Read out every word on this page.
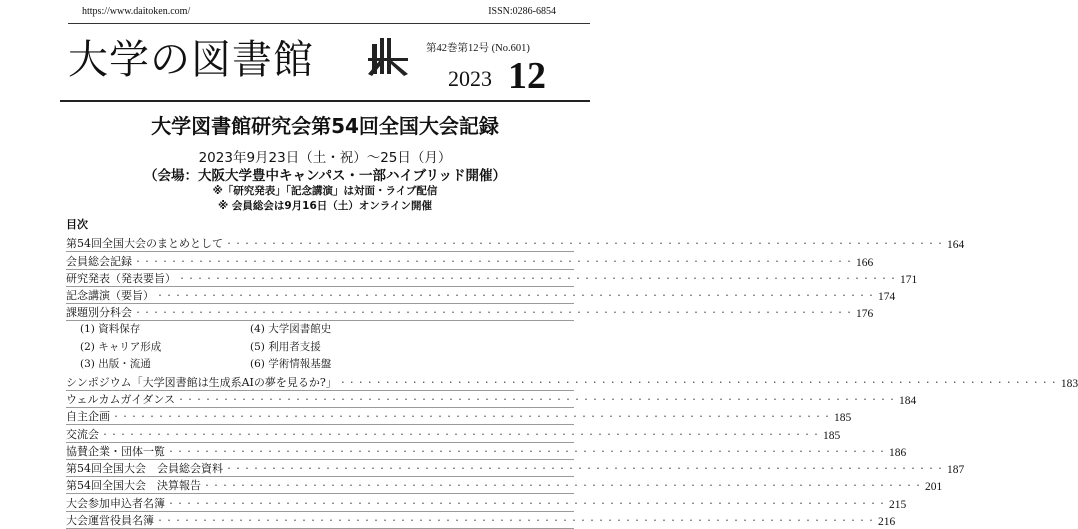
https://www.daitoken.com/	ISSN:0286-6854
大学の図書館	第42巻第12号 (No.601)
2023 12
大学図書館研究会第54回全国大会記録
2023年9月23日（土・祝）～25日（月）
（会場：大阪大学豊中キャンパス・一部ハイブリッド開催）
※「研究発表」「記念講演」は対面・ライブ配信
※ 会員総会は9月16日（土）オンライン開催
目次
第54回全国大会のまとめとして ・・・・・・・・・・・・・・・・・・・・・・・・・・・・・・・・・・・・・・・・・・・・・・・・・・・・・・・・・・・・・・・・・・・・・・・・・・・・・・・・ 164
会員総会記録 ・・・・・・・・・・・・・・・・・・・・・・・・・・・・・・・・・・・・・・・・・・・・・・・・・・・・・・・・・・・・・・・・・・・・・・・・・・・・・・・・ 166
研究発表（発表要旨） ・・・・・・・・・・・・・・・・・・・・・・・・・・・・・・・・・・・・・・・・・・・・・・・・・・・・・・・・・・・・・・・・・・・・・・・・・・・・・・・・ 171
記念講演（要旨） ・・・・・・・・・・・・・・・・・・・・・・・・・・・・・・・・・・・・・・・・・・・・・・・・・・・・・・・・・・・・・・・・・・・・・・・・・・・・・・・・ 174
課題別分科会 ・・・・・・・・・・・・・・・・・・・・・・・・・・・・・・・・・・・・・・・・・・・・・・・・・・・・・・・・・・・・・・・・・・・・・・・・・・・・・・・・ 176
(1) 資料保存	(4) 大学図書館史
(2) キャリア形成	(5) 利用者支援
(3) 出版・流通	(6) 学術情報基盤
シンポジウム「大学図書館は生成系AIの夢を見るか?」 ・・・・・・・・・・・・・・・・・・・・・・・・・・・・・・・・・・・・・・・・・・・・・・・・・・・・・・・・・・・・・・・・・・・・・・・・・・・・・・・・ 183
ウェルカムガイダンス ・・・・・・・・・・・・・・・・・・・・・・・・・・・・・・・・・・・・・・・・・・・・・・・・・・・・・・・・・・・・・・・・・・・・・・・・・・・・・・・・ 184
自主企画 ・・・・・・・・・・・・・・・・・・・・・・・・・・・・・・・・・・・・・・・・・・・・・・・・・・・・・・・・・・・・・・・・・・・・・・・・・・・・・・・・ 185
交流会 ・・・・・・・・・・・・・・・・・・・・・・・・・・・・・・・・・・・・・・・・・・・・・・・・・・・・・・・・・・・・・・・・・・・・・・・・・・・・・・・・ 185
協賛企業・団体一覧 ・・・・・・・・・・・・・・・・・・・・・・・・・・・・・・・・・・・・・・・・・・・・・・・・・・・・・・・・・・・・・・・・・・・・・・・・・・・・・・・・ 186
第54回全国大会　会員総会資料 ・・・・・・・・・・・・・・・・・・・・・・・・・・・・・・・・・・・・・・・・・・・・・・・・・・・・・・・・・・・・・・・・・・・・・・・・・・・・・・・・ 187
第54回全国大会　決算報告 ・・・・・・・・・・・・・・・・・・・・・・・・・・・・・・・・・・・・・・・・・・・・・・・・・・・・・・・・・・・・・・・・・・・・・・・・・・・・・・・・ 201
大会参加申込者名簿 ・・・・・・・・・・・・・・・・・・・・・・・・・・・・・・・・・・・・・・・・・・・・・・・・・・・・・・・・・・・・・・・・・・・・・・・・・・・・・・・・ 215
大会運営役員名簿 ・・・・・・・・・・・・・・・・・・・・・・・・・・・・・・・・・・・・・・・・・・・・・・・・・・・・・・・・・・・・・・・・・・・・・・・・・・・・・・・・ 216
